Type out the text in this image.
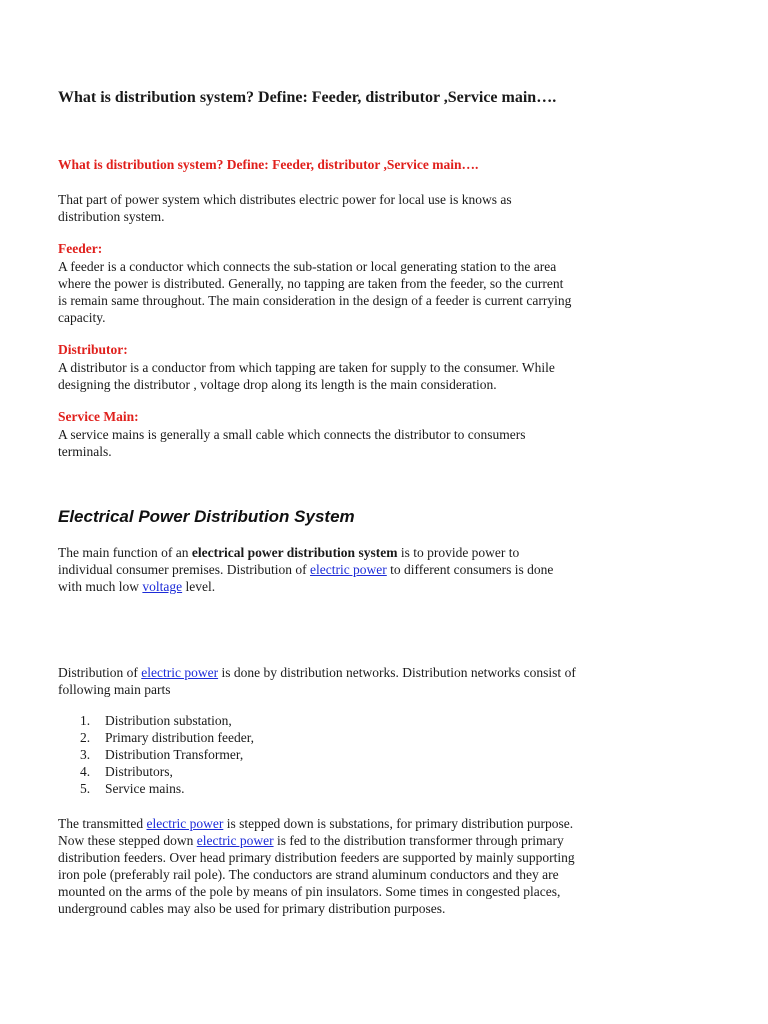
What is distribution system? Define: Feeder, distributor ,Service main….
What is distribution system? Define: Feeder, distributor ,Service main….
That part of power system which distributes electric power for local use is knows as
distribution system.
Feeder:
A feeder is a conductor which connects the sub-station or local generating station to the area
where the power is distributed. Generally, no tapping are taken from the feeder, so the current
is remain same throughout. The main consideration in the design of a feeder is current carrying
capacity.
Distributor:
A distributor is a conductor from which tapping are taken for supply to the consumer. While
designing the distributor , voltage drop along its length is the main consideration.
Service Main:
A service mains is generally a small cable which connects the distributor to consumers
terminals.
Electrical Power Distribution System
The main function of an electrical power distribution system is to provide power to
individual consumer premises. Distribution of electric power to different consumers is done
with much low voltage level.
Distribution of electric power is done by distribution networks. Distribution networks consist of
following main parts
1. Distribution substation,
2. Primary distribution feeder,
3. Distribution Transformer,
4. Distributors,
5. Service mains.
The transmitted electric power is stepped down is substations, for primary distribution purpose.
Now these stepped down electric power is fed to the distribution transformer through primary
distribution feeders. Over head primary distribution feeders are supported by mainly supporting
iron pole (preferably rail pole). The conductors are strand aluminum conductors and they are
mounted on the arms of the pole by means of pin insulators. Some times in congested places,
underground cables may also be used for primary distribution purposes.
